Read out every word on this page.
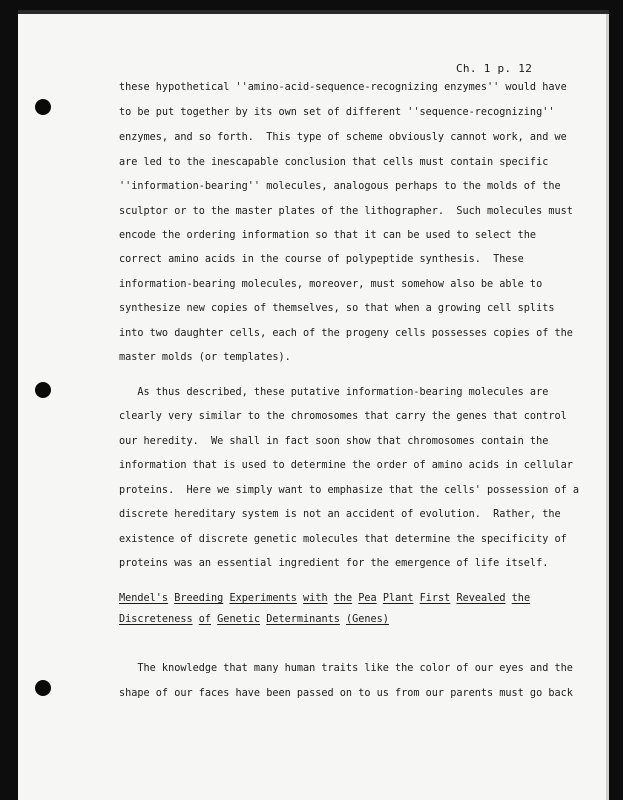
Ch. 1 p. 12
these hypothetical ''amino-acid-sequence-recognizing enzymes'' would have
to be put together by its own set of different ''sequence-recognizing''
enzymes, and so forth.  This type of scheme obviously cannot work, and we
are led to the inescapable conclusion that cells must contain specific
''information-bearing'' molecules, analogous perhaps to the molds of the
sculptor or to the master plates of the lithographer.  Such molecules must
encode the ordering information so that it can be used to select the
correct amino acids in the course of polypeptide synthesis.  These
information-bearing molecules, moreover, must somehow also be able to
synthesize new copies of themselves, so that when a growing cell splits
into two daughter cells, each of the progeny cells possesses copies of the
master molds (or templates).
As thus described, these putative information-bearing molecules are
clearly very similar to the chromosomes that carry the genes that control
our heredity.  We shall in fact soon show that chromosomes contain the
information that is used to determine the order of amino acids in cellular
proteins.  Here we simply want to emphasize that the cells' possession of a
discrete hereditary system is not an accident of evolution.  Rather, the
existence of discrete genetic molecules that determine the specificity of
proteins was an essential ingredient for the emergence of life itself.
The knowledge that many human traits like the color of our eyes and the
shape of our faces have been passed on to us from our parents must go back
Mendel's Breeding Experiments with the Pea Plant First Revealed the
Discreteness of Genetic Determinants (Genes)
